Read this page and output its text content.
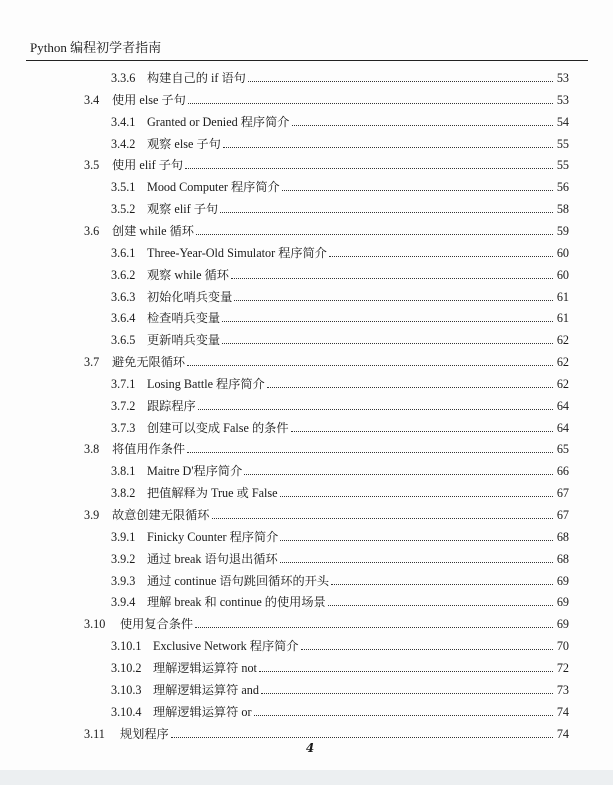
Python 编程初学者指南
3.3.6 构建自己的 if 语句	53
3.4	使用 else 子句	53
3.4.1 Granted or Denied 程序简介	54
3.4.2 观察 else 子句	55
3.5	使用 elif 子句	55
3.5.1 Mood Computer 程序简介	56
3.5.2 观察 elif 子句	58
3.6	创建 while 循环	59
3.6.1 Three-Year-Old Simulator 程序简介	60
3.6.2 观察 while 循环	60
3.6.3 初始化哨兵变量	61
3.6.4 检查哨兵变量	61
3.6.5 更新哨兵变量	62
3.7	避免无限循环	62
3.7.1 Losing Battle 程序简介	62
3.7.2 跟踪程序	64
3.7.3 创建可以变成 False 的条件	64
3.8	将值用作条件	65
3.8.1 Maitre D'程序简介	66
3.8.2 把值解释为 True 或 False	67
3.9	故意创建无限循环	67
3.9.1 Finicky Counter 程序简介	68
3.9.2 通过 break 语句退出循环	68
3.9.3 通过 continue 语句跳回循环的开头	69
3.9.4 理解 break 和 continue 的使用场景	69
3.10	使用复合条件	69
3.10.1 Exclusive Network 程序简介	70
3.10.2 理解逻辑运算符 not	72
3.10.3 理解逻辑运算符 and	73
3.10.4 理解逻辑运算符 or	74
3.11	规划程序	74
4
